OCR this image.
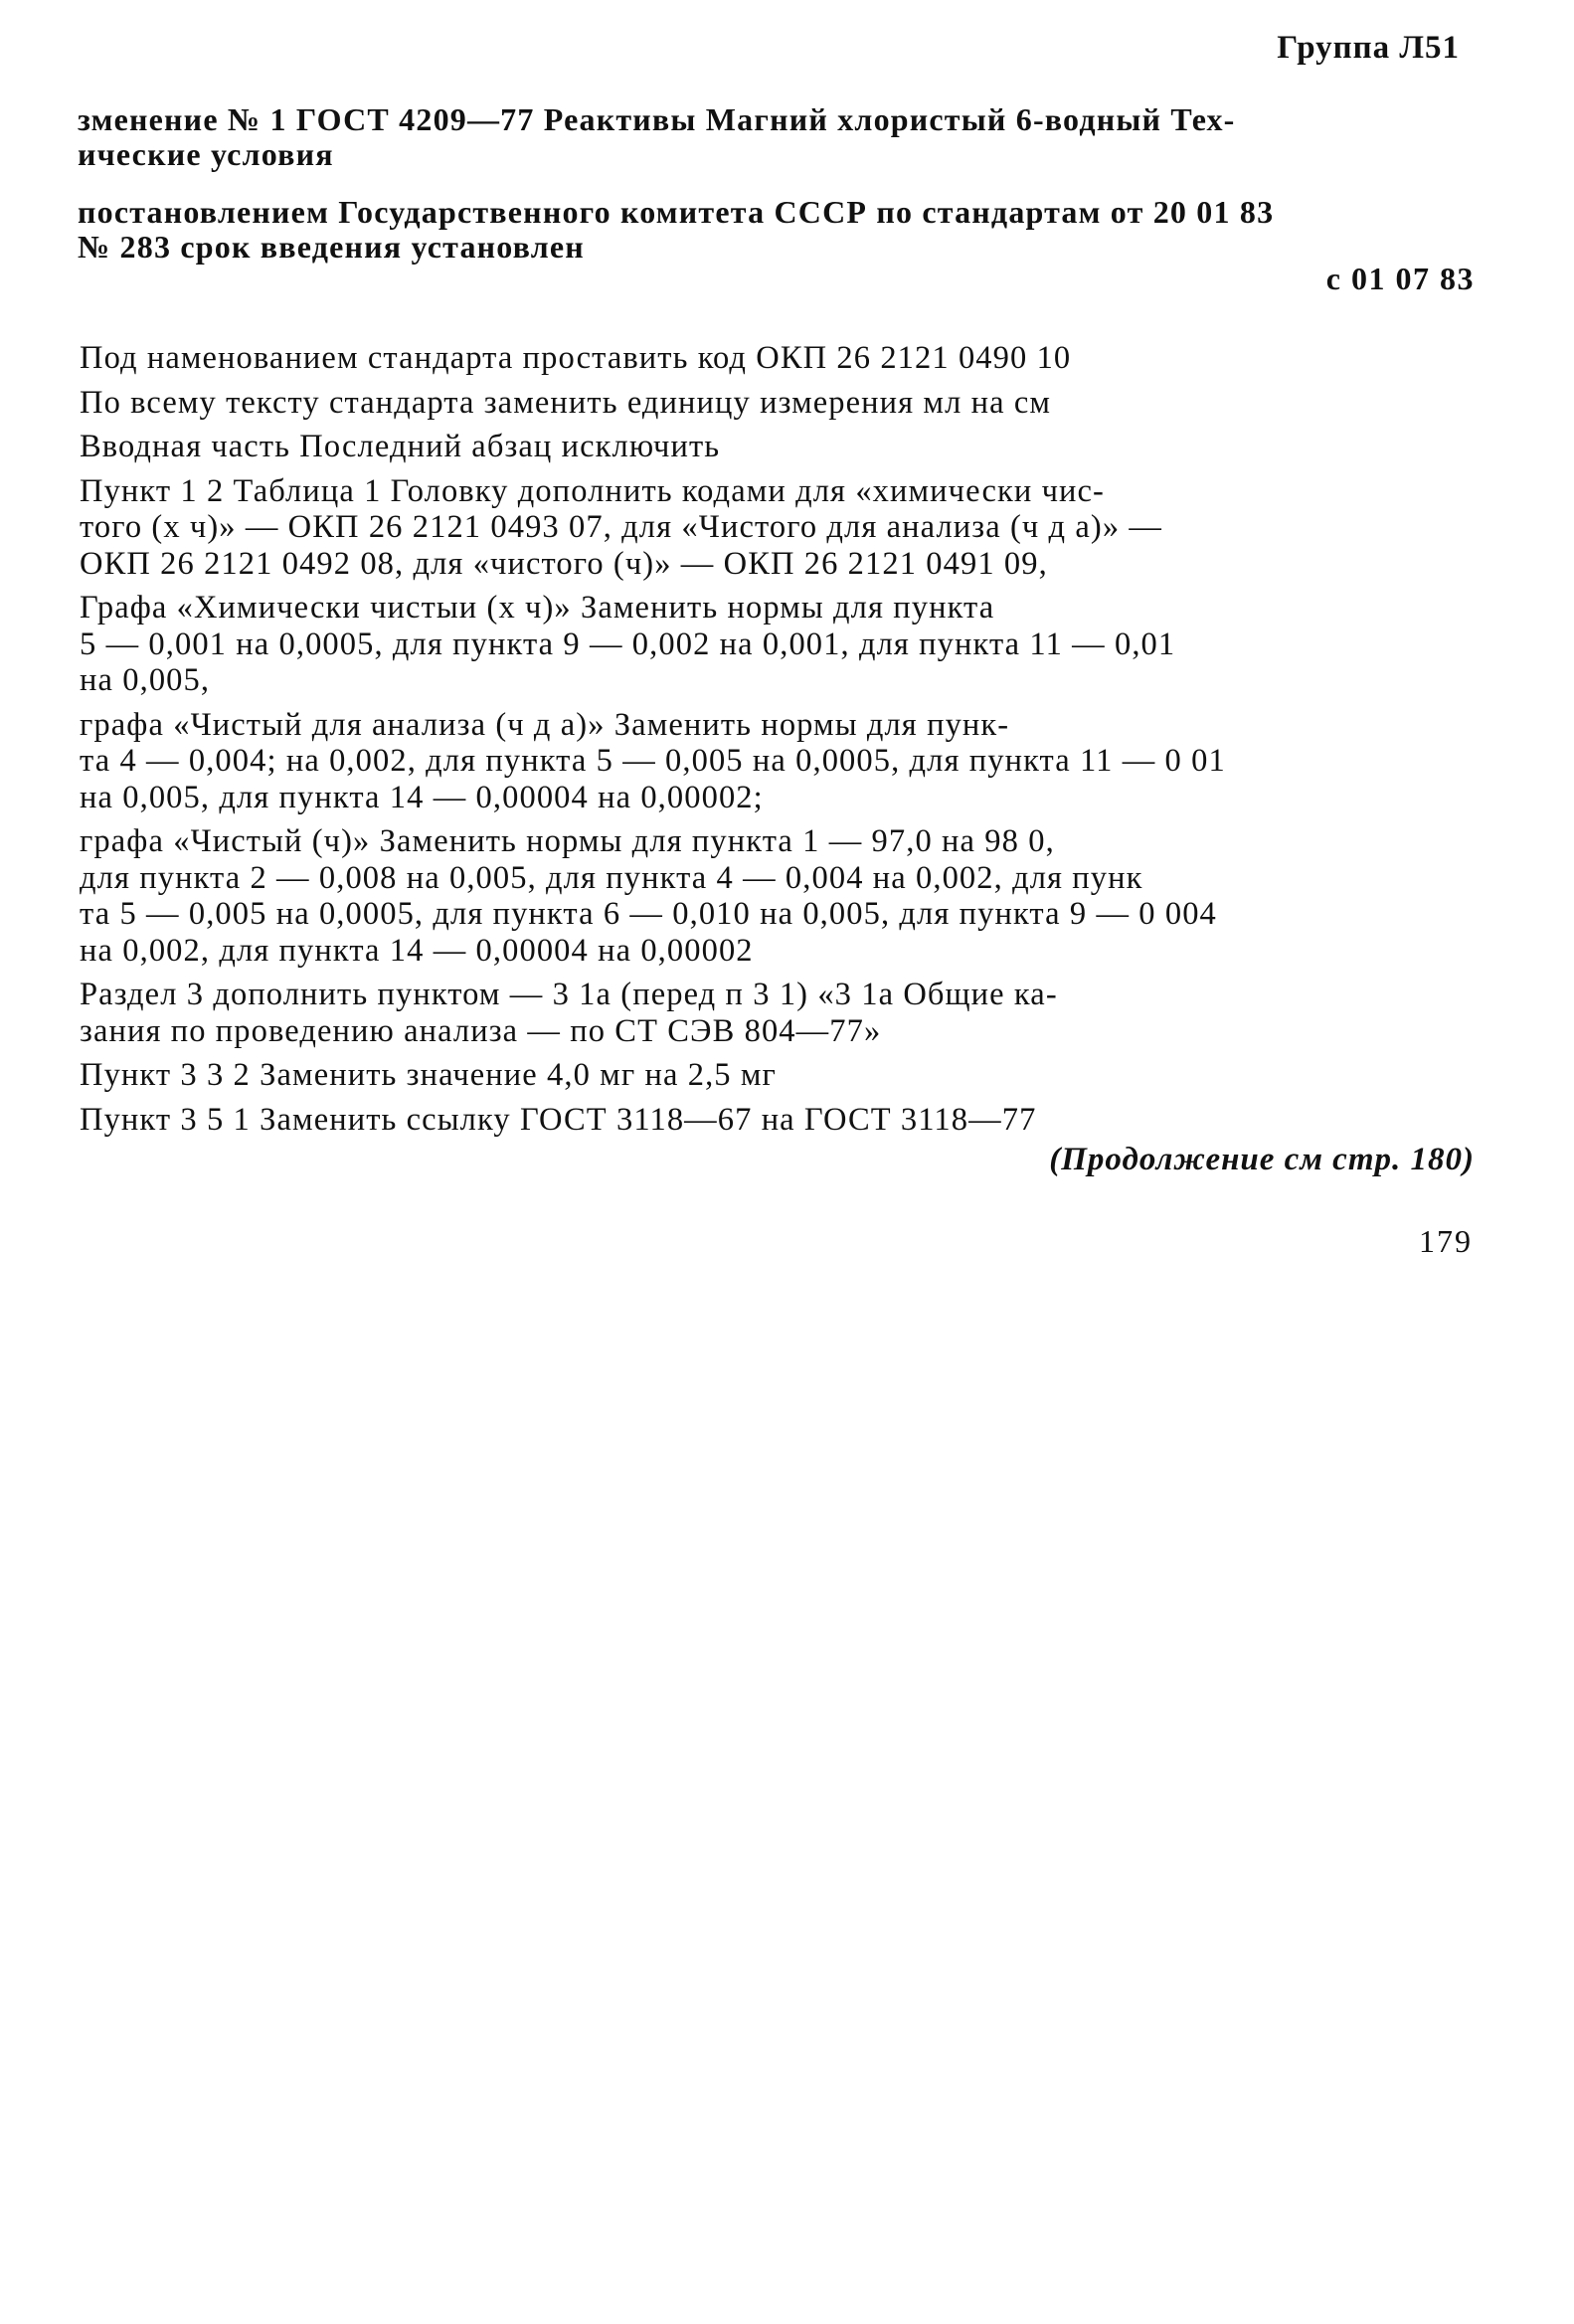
Группа Л51
зменение № 1 ГОСТ 4209—77 Реактивы Магний хлористый 6-водный Тех-
ические условия
постановлением Государственного комитета СССР по стандартам от 20 01 83
№ 283 срок введения установлен
с 01 07 83
Под наменованием стандарта проставить код ОКП 26 2121 0490 10
По всему тексту стандарта заменить единицу измерения мл на см
Вводная часть Последний абзац исключить
Пункт 1 2 Таблица 1 Головку дополнить кодами для «химически чис-
того (х ч)» — ОКП 26 2121 0493 07, для «Чистого для анализа (ч д а)» —
ОКП 26 2121 0492 08, для «чистого (ч)» — ОКП 26 2121 0491 09,
Графа «Химически чистыи (х ч)» Заменить нормы для пункта
5 — 0,001 на 0,0005, для пункта 9 — 0,002 на 0,001, для пункта 11 — 0,01
на 0,005,
графа «Чистый для анализа (ч д а)» Заменить нормы для пунк-
та 4 — 0,004; на 0,002, для пункта 5 — 0,005 на 0,0005, для пункта 11 — 0 01
на 0,005, для пункта 14 — 0,00004 на 0,00002;
графа «Чистый (ч)» Заменить нормы для пункта 1 — 97,0 на 98 0,
для пункта 2 — 0,008 на 0,005, для пункта 4 — 0,004 на 0,002, для пунк
та 5 — 0,005 на 0,0005, для пункта 6 — 0,010 на 0,005, для пункта 9 — 0 004
на 0,002, для пункта 14 — 0,00004 на 0,00002
Раздел 3 дополнить пунктом — 3 1а (перед п 3 1) «3 1а Общие ка-
зания по проведению анализа — по СТ СЭВ 804—77»
Пункт 3 3 2 Заменить значение 4,0 мг на 2,5 мг
Пункт 3 5 1 Заменить ссылку ГОСТ 3118—67 на ГОСТ 3118—77
(Продолжение см стр. 180)
179
